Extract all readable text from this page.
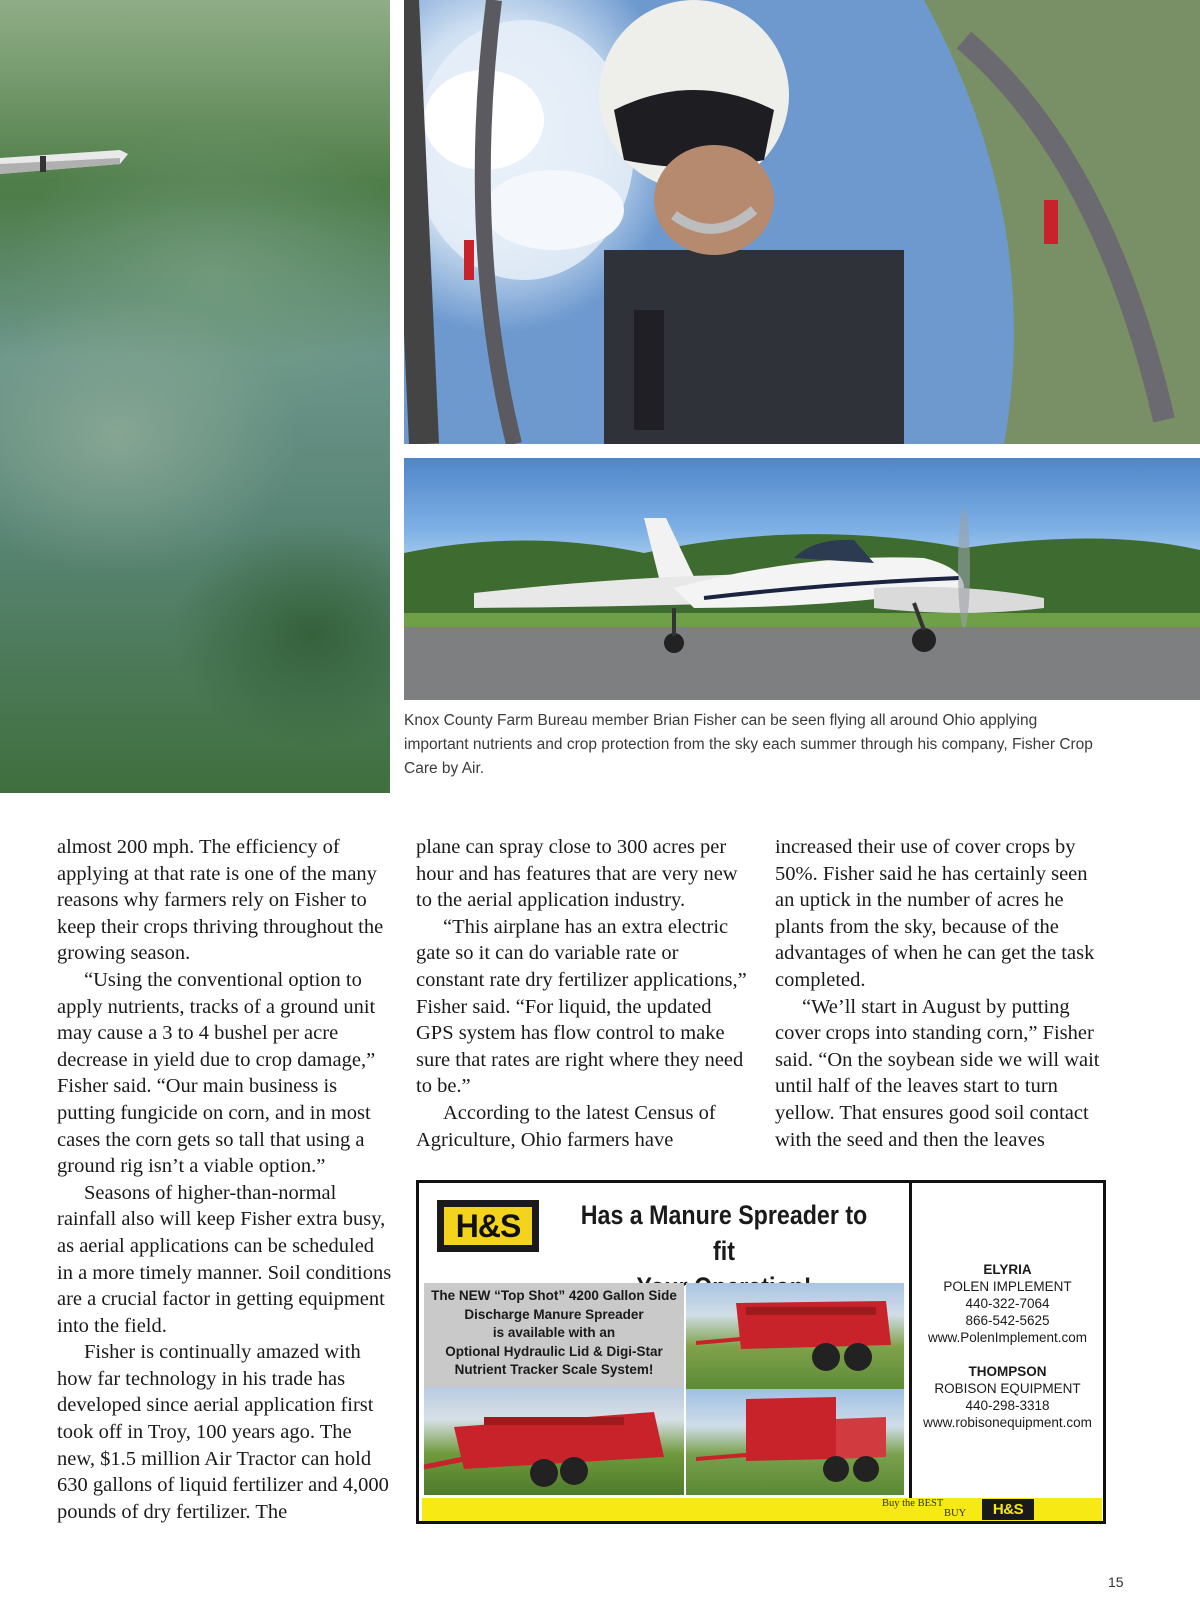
Knox County Farm Bureau member Brian Fisher can be seen flying all around Ohio applying important nutrients and crop protection from the sky each summer through his company, Fisher Crop Care by Air.

almost 200 mph. The efficiency of applying at that rate is one of the many reasons why farmers rely on Fisher to keep their crops thriving throughout the growing season.

“Using the conventional option to apply nutrients, tracks of a ground unit may cause a 3 to 4 bushel per acre decrease in yield due to crop damage,” Fisher said. “Our main business is putting fungicide on corn, and in most cases the corn gets so tall that using a ground rig isn’t a viable option.”

Seasons of higher-than-normal rainfall also will keep Fisher extra busy, as aerial applications can be scheduled in a more timely manner. Soil conditions are a crucial factor in getting equipment into the field.

Fisher is continually amazed with how far technology in his trade has developed since aerial application first took off in Troy, 100 years ago. The new, $1.5 million Air Tractor can hold 630 gallons of liquid fertilizer and 4,000 pounds of dry fertilizer. The

plane can spray close to 300 acres per hour and has features that are very new to the aerial application industry.

“This airplane has an extra electric gate so it can do variable rate or constant rate dry fertilizer applications,” Fisher said. “For liquid, the updated GPS system has flow control to make sure that rates are right where they need to be.”

According to the latest Census of Agriculture, Ohio farmers have

increased their use of cover crops by 50%. Fisher said he has certainly seen an uptick in the number of acres he plants from the sky, because of the advantages of when he can get the task completed.

“We’ll start in August by putting cover crops into standing corn,” Fisher said. “On the soybean side we will wait until half of the leaves start to turn yellow. That ensures good soil contact with the seed and then the leaves

H&S	Has a Manure Spreader to fit
The NEW “Top Shot” 4200 Gallon Side
Discharge Manure Spreader
is available with an
Optional Hydraulic Lid & Digi-Star
Nutrient Tracker Scale System!
ELYRIA
POLEN IMPLEMENT
440-322-7064
866-542-5625
www.PolenImplement.com
THOMPSON
ROBISON EQUIPMENT
440-298-3318
www.robisonequipment.com
Buy the BEST
BUY H&S
15
